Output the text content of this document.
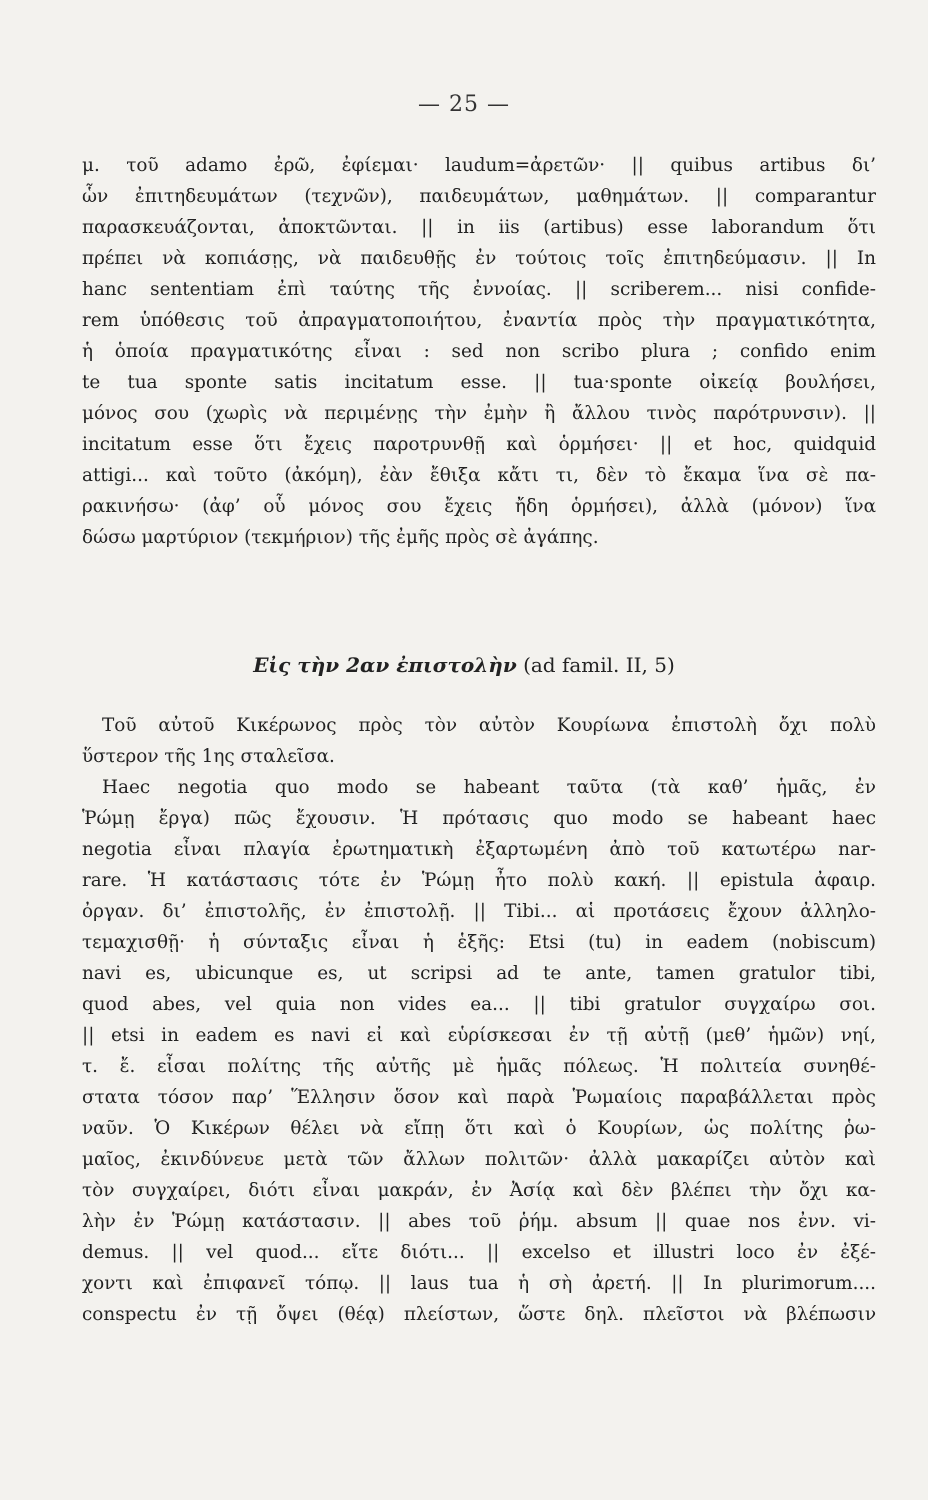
— 25 —
μ. τοῦ adamo ἐρῶ, ἐφίεμαι· laudum=ἀρετῶν· || quibus artibus δι’
ὧν ἐπιτηδευμάτων (τεχνῶν), παιδευμάτων, μαθημάτων. || comparantur
παρασκευάζονται, ἀποκτῶνται. || in iis (artibus) esse laborandum ὅτι
πρέπει νὰ κοπιάσῃς, νὰ παιδευθῇς ἐν τούτοις τοῖς ἐπιτηδεύμασιν. || In
hanc sententiam ἐπὶ ταύτης τῆς ἐννοίας. || scriberem... nisi confide-
rem ὑπόθεσις τοῦ ἀπραγματοποιήτου, ἐναντία πρὸς τὴν πραγματικότητα,
ἡ ὁποία πραγματικότης εἶναι : sed non scribo plura ; confido enim
te tua sponte satis incitatum esse. || tua·sponte οἰκείᾳ βουλήσει,
μόνος σου (χωρὶς νὰ περιμένῃς τὴν ἐμὴν ἢ ἄλλου τινὸς παρότρυνσιν). ||
incitatum esse ὅτι ἔχεις παροτρυνθῇ καὶ ὁρμήσει· || et hoc, quidquid
attigi... καὶ τοῦτο (ἀκόμη), ἐὰν ἔθιξα κἄτι τι, δὲν τὸ ἔκαμα ἵνα σὲ πα-
ρακινήσω· (ἀφ’ οὗ μόνος σου ἔχεις ἤδη ὁρμήσει), ἀλλὰ (μόνον) ἵνα
δώσω μαρτύριον (τεκμήριον) τῆς ἐμῆς πρὸς σὲ ἀγάπης.
Εἰς τὴν 2αν ἐπιστολὴν (ad famil. II, 5)
Τοῦ αὐτοῦ Κικέρωνος πρὸς τὸν αὐτὸν Κουρίωνα ἐπιστολὴ ὄχι πολὺ
ὕστερον τῆς 1ης σταλεῖσα.
Haec negotia quo modo se habeant ταῦτα (τὰ καθ’ ἡμᾶς, ἐν
Ῥώμῃ ἔργα) πῶς ἔχουσιν. Ἡ πρότασις quo modo se habeant haec
negotia εἶναι πλαγία ἐρωτηματικὴ ἐξαρτωμένη ἀπὸ τοῦ κατωτέρω nar-
rare. Ἡ κατάστασις τότε ἐν Ῥώμῃ ἦτο πολὺ κακή. || epistula ἀφαιρ.
ὀργαν. δι’ ἐπιστολῆς, ἐν ἐπιστολῇ. || Tibi... αἱ προτάσεις ἔχουν ἀλληλο-
τεμαχισθῇ· ἡ σύνταξις εἶναι ἡ ἑξῆς: Etsi (tu) in eadem (nobiscum)
navi es, ubicunque es, ut scripsi ad te ante, tamen gratulor tibi,
quod abes, vel quia non vides ea... || tibi gratulor συγχαίρω σοι.
|| etsi in eadem es navi εἰ καὶ εὑρίσκεσαι ἐν τῇ αὐτῇ (μεθ’ ἡμῶν) νηί,
τ. ἔ. εἶσαι πολίτης τῆς αὐτῆς μὲ ἡμᾶς πόλεως. Ἡ πολιτεία συνηθέ-
στατα τόσον παρ’ Ἕλλησιν ὅσον καὶ παρὰ Ῥωμαίοις παραβάλλεται πρὸς
ναῦν. Ὁ Κικέρων θέλει νὰ εἴπῃ ὅτι καὶ ὁ Κουρίων, ὡς πολίτης ῥω-
μαῖος, ἐκινδύνευε μετὰ τῶν ἄλλων πολιτῶν· ἀλλὰ μακαρίζει αὐτὸν καὶ
τὸν συγχαίρει, διότι εἶναι μακράν, ἐν Ἀσίᾳ καὶ δὲν βλέπει τὴν ὄχι κα-
λὴν ἐν Ῥώμῃ κατάστασιν. || abes τοῦ ῥήμ. absum || quae nos ἐνν. vi-
demus. || vel quod... εἴτε διότι... || excelso et illustri loco ἐν ἐξέ-
χοντι καὶ ἐπιφανεῖ τόπῳ. || laus tua ἡ σὴ ἀρετή. || In plurimorum....
conspectu ἐν τῇ ὄψει (θέᾳ) πλείστων, ὥστε δηλ. πλεῖστοι νὰ βλέπωσιν
